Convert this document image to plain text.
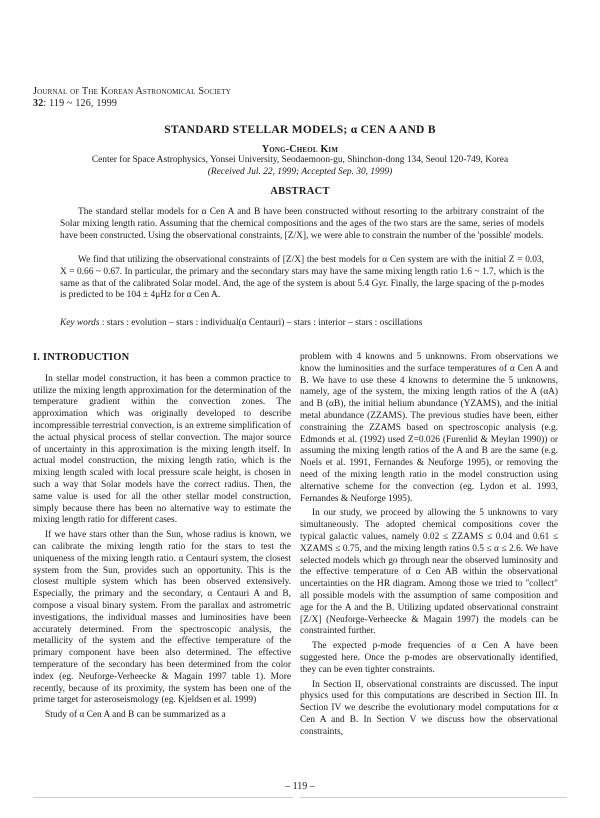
Journal of The Korean Astronomical Society
32: 119 ~ 126, 1999
STANDARD STELLAR MODELS; α CEN A AND B
Yong-Cheol Kim
Center for Space Astrophysics, Yonsei University, Seodaemoon-gu, Shinchon-dong 134, Seoul 120-749, Korea
(Received Jul. 22, 1999; Accepted Sep. 30, 1999)
ABSTRACT
The standard stellar models for α Cen A and B have been constructed without resorting to the arbitrary constraint of the Solar mixing length ratio. Assuming that the chemical compositions and the ages of the two stars are the same, series of models have been constructed. Using the observational constraints, [Z/X], we were able to constrain the number of the 'possible' models.
We find that utilizing the observational constraints of [Z/X] the best models for α Cen system are with the initial Z = 0.03, X = 0.66 ~ 0.67. In particular, the primary and the secondary stars may have the same mixing length ratio 1.6 ~ 1.7, which is the same as that of the calibrated Solar model. And, the age of the system is about 5.4 Gyr. Finally, the large spacing of the p-modes is predicted to be 104 ± 4μHz for α Cen A.
Key words : stars : evolution – stars : individual(α Centauri) – stars : interior – stars : oscillations
I. INTRODUCTION

In stellar model construction, it has been a common practice to utilize the mixing length approximation for the determination of the temperature gradient within the convection zones. The approximation which was originally developed to describe incompressible terrestrial convection, is an extreme simplification of the actual physical process of stellar convection. The major source of uncertainty in this approximation is the mixing length itself. In actual model construction, the mixing length ratio, which is the mixing length scaled with local pressure scale height, is chosen in such a way that Solar models have the correct radius. Then, the same value is used for all the other stellar model construction, simply because there has been no alternative way to estimate the mixing length ratio for different cases.

If we have stars other than the Sun, whose radius is known, we can calibrate the mixing length ratio for the stars to test the uniqueness of the mixing length ratio. α Centauri system, the closest system from the Sun, provides such an opportunity. This is the closest multiple system which has been observed extensively. Especially, the primary and the secondary, α Centauri A and B, compose a visual binary system. From the parallax and astrometric investigations, the individual masses and luminosities have been accurately determined. From the spectroscopic analysis, the metallicity of the system and the effective temperature of the primary component have been also determined. The effective temperature of the secondary has been determined from the color index (eg. Neuforge-Verheecke & Magain 1997 table 1). More recently, because of its proximity, the system has been one of the prime target for asteroseismology (eg. Kjeldsen et al. 1999)

Study of α Cen A and B can be summarized as a

problem with 4 knowns and 5 unknowns. From observations we know the luminosities and the surface temperatures of α Cen A and B. We have to use these 4 knowns to determine the 5 unknowns, namely, age of the system, the mixing length ratios of the A (αA) and B (αB), the initial helium abundance (YZAMS), and the initial metal abundance (ZZAMS). The previous studies have been, either constraining the ZZAMS based on spectroscopic analysis (e.g. Edmonds et al. (1992) used Z=0.026 (Furenlid & Meylan 1990)) or assuming the mixing length ratios of the A and B are the same (e.g. Noels et al. 1991, Fernandes & Neuforge 1995), or removing the need of the mixing length ratio in the model construction using alternative scheme for the convection (eg. Lydon et al. 1993, Fernandes & Neuforge 1995).

In our study, we proceed by allowing the 5 unknowns to vary simultaneously. The adopted chemical compositions cover the typical galactic values, namely 0.02 ≤ ZZAMS ≤ 0.04 and 0.61 ≤ XZAMS ≤ 0.75, and the mixing length ratios 0.5 ≤ α ≤ 2.6. We have selected models which go through near the observed luminosity and the effective temperature of α Cen AB within the observational uncertainties on the HR diagram. Among those we tried to "collect" all possible models with the assumption of same composition and age for the A and the B. Utilizing updated observational constraint [Z/X] (Neuforge-Verheecke & Magain 1997) the models can be constrainted further.

The expected p-mode frequencies of α Cen A have been suggested here. Once the p-modes are observationally identified, they can be even tighter constraints.

In Section II, observational constraints are discussed. The input physics used for this computations are described in Section III. In Section IV we describe the evolutionary model computations for α Cen A and B. In Section V we discuss how the observational constraints,

– 119 –
